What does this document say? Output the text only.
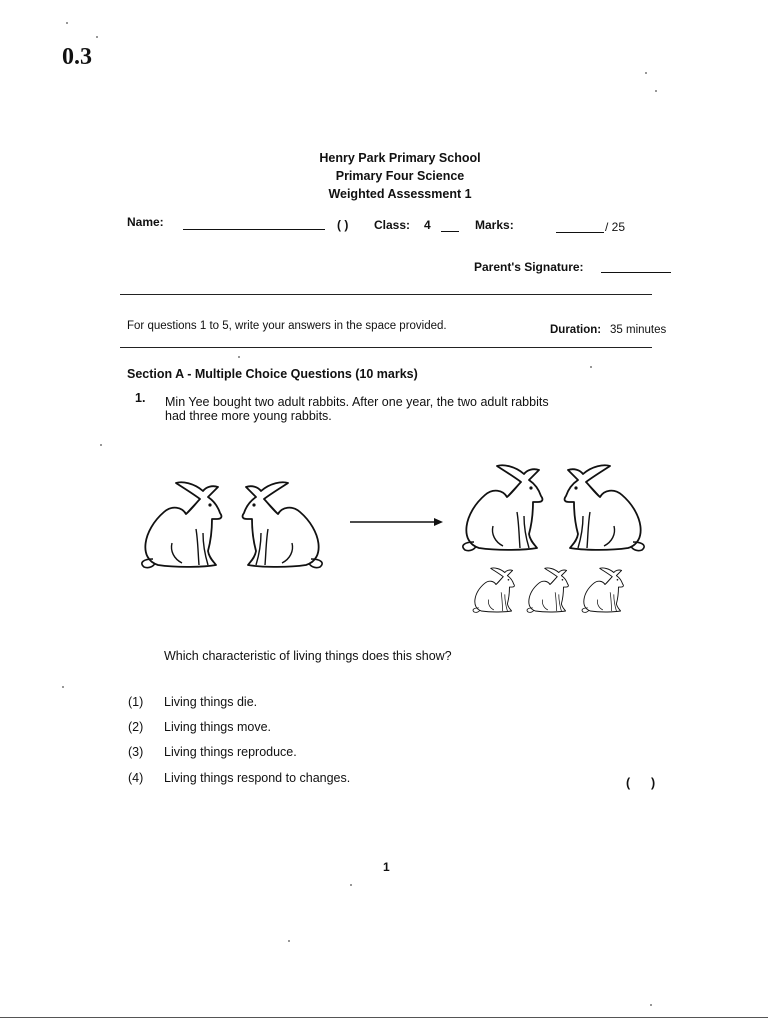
0.3
Henry Park Primary School
Primary Four Science
Weighted Assessment 1
Name:	( ) Class: 4	Marks:	/ 25
Parent's Signature:
For questions 1 to 5, write your answers in the space provided.	Duration: 35 minutes
Section A - Multiple Choice Questions (10 marks)
1. Min Yee bought two adult rabbits. After one year, the two adult rabbits
had three more young rabbits.
Which characteristic of living things does this show?
(1) Living things die.
(2) Living things move.
(3) Living things reproduce.
(4) Living things respond to changes.	(      )
1
